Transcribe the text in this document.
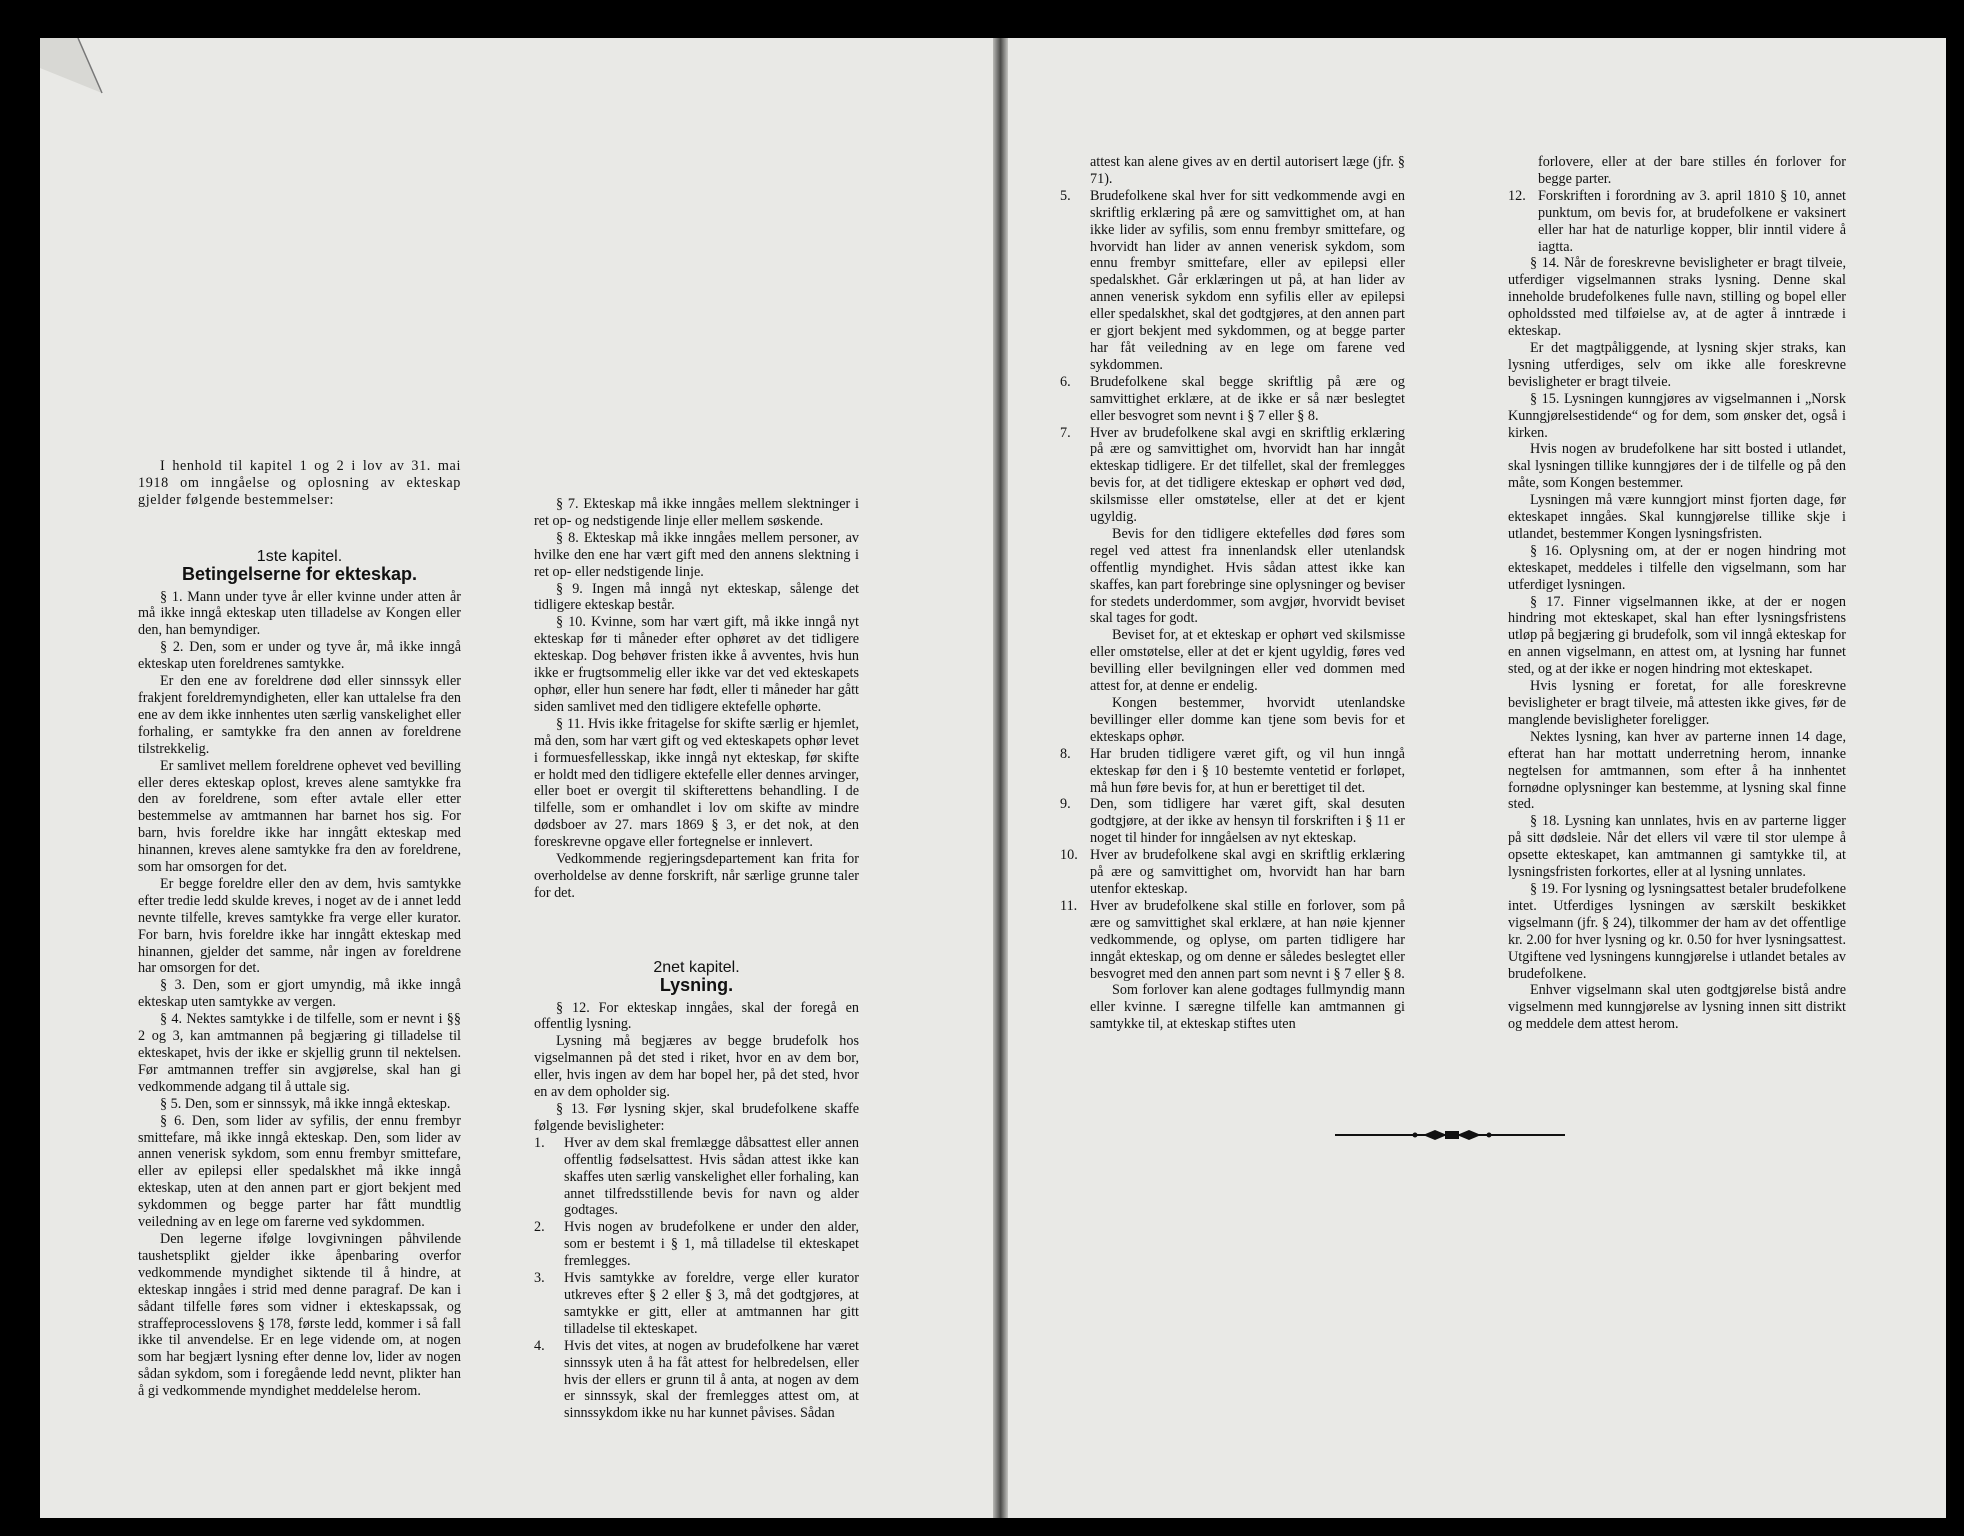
I henhold til kapitel 1 og 2 i lov av 31. mai 1918 om inngåelse og oplosning av ekteskap gjelder følgende bestemmelser:

1ste kapitel.
Betingelserne for ekteskap.

§ 1. Mann under tyve år eller kvinne under atten år må ikke inngå ekteskap uten tilladelse av Kongen eller den, han bemyndiger.

§ 2. Den, som er under og tyve år, må ikke inngå ekteskap uten foreldrenes samtykke.

Er den ene av foreldrene død eller sinnssyk eller frakjent foreldremyndigheten, eller kan uttalelse fra den ene av dem ikke innhentes uten særlig vanskelighet eller forhaling, er samtykke fra den annen av foreldrene tilstrekkelig.

Er samlivet mellem foreldrene ophevet ved bevilling eller deres ekteskap oplost, kreves alene samtykke fra den av foreldrene, som efter avtale eller etter bestemmelse av amtmannen har barnet hos sig. For barn, hvis foreldre ikke har inngått ekteskap med hinannen, kreves alene samtykke fra den av foreldrene, som har omsorgen for det.

Er begge foreldre eller den av dem, hvis samtykke efter tredie ledd skulde kreves, i noget av de i annet ledd nevnte tilfelle, kreves samtykke fra verge eller kurator. For barn, hvis foreldre ikke har inngått ekteskap med hinannen, gjelder det samme, når ingen av foreldrene har omsorgen for det.

§ 3. Den, som er gjort umyndig, må ikke inngå ekteskap uten samtykke av vergen.

§ 4. Nektes samtykke i de tilfelle, som er nevnt i §§ 2 og 3, kan amtmannen på begjæring gi tilladelse til ekteskapet, hvis der ikke er skjellig grunn til nektelsen. Før amtmannen treffer sin avgjørelse, skal han gi vedkommende adgang til å uttale sig.

§ 5. Den, som er sinnssyk, må ikke inngå ekteskap.

§ 6. Den, som lider av syfilis, der ennu frembyr smittefare, må ikke inngå ekteskap. Den, som lider av annen venerisk sykdom, som ennu frembyr smittefare, eller av epilepsi eller spedalskhet må ikke inngå ekteskap, uten at den annen part er gjort bekjent med sykdommen og begge parter har fått mundtlig veiledning av en lege om farerne ved sykdommen.

Den legerne ifølge lovgivningen påhvilende taushetsplikt gjelder ikke åpenbaring overfor vedkommende myndighet siktende til å hindre, at ekteskap inngåes i strid med denne paragraf. De kan i sådant tilfelle føres som vidner i ekteskapssak, og straffeprocesslovens § 178, første ledd, kommer i så fall ikke til anvendelse. Er en lege vidende om, at nogen som har begjært lysning efter denne lov, lider av nogen sådan sykdom, som i foregående ledd nevnt, plikter han å gi vedkommende myndighet meddelelse herom.

§ 7. Ekteskap må ikke inngåes mellem slektninger i ret op- og nedstigende linje eller mellem søskende.

§ 8. Ekteskap må ikke inngåes mellem personer, av hvilke den ene har vært gift med den annens slektning i ret op- eller nedstigende linje.

§ 9. Ingen må inngå nyt ekteskap, sålenge det tidligere ekteskap består.

§ 10. Kvinne, som har vært gift, må ikke inngå nyt ekteskap før ti måneder efter ophøret av det tidligere ekteskap. Dog behøver fristen ikke å avventes, hvis hun ikke er frugtsommelig eller ikke var det ved ekteskapets ophør, eller hun senere har født, eller ti måneder har gått siden samlivet med den tidligere ektefelle ophørte.

§ 11. Hvis ikke fritagelse for skifte særlig er hjemlet, må den, som har vært gift og ved ekteskapets ophør levet i formuesfellesskap, ikke inngå nyt ekteskap, før skifte er holdt med den tidligere ektefelle eller dennes arvinger, eller boet er overgit til skifterettens behandling. I de tilfelle, som er omhandlet i lov om skifte av mindre dødsboer av 27. mars 1869 § 3, er det nok, at den foreskrevne opgave eller fortegnelse er innlevert.

Vedkommende regjeringsdepartement kan frita for overholdelse av denne forskrift, når særlige grunne taler for det.

2net kapitel.
Lysning.

§ 12. For ekteskap inngåes, skal der foregå en offentlig lysning.

Lysning må begjæres av begge brudefolk hos vigselmannen på det sted i riket, hvor en av dem bor, eller, hvis ingen av dem har bopel her, på det sted, hvor en av dem opholder sig.

§ 13. Før lysning skjer, skal brudefolkene skaffe følgende bevisligheter:

1. Hver av dem skal fremlægge dåbsattest eller annen offentlig fødselsattest. Hvis sådan attest ikke kan skaffes uten særlig vanskelighet eller forhaling, kan annet tilfredsstillende bevis for navn og alder godtages.

2. Hvis nogen av brudefolkene er under den alder, som er bestemt i § 1, må tilladelse til ekteskapet fremlegges.

3. Hvis samtykke av foreldre, verge eller kurator utkreves efter § 2 eller § 3, må det godtgjøres, at samtykke er gitt, eller at amtmannen har gitt tilladelse til ekteskapet.

4. Hvis det vites, at nogen av brudefolkene har været sinnssyk uten å ha fåt attest for helbredelsen, eller hvis der ellers er grunn til å anta, at nogen av dem er sinnssyk, skal der fremlegges attest om, at sinnssykdom ikke nu har kunnet påvises. Sådan

attest kan alene gives av en dertil autorisert læge (jfr. § 71).

5. Brudefolkene skal hver for sitt vedkommende avgi en skriftlig erklæring på ære og samvittighet om, at han ikke lider av syfilis, som ennu frembyr smittefare, og hvorvidt han lider av annen venerisk sykdom, som ennu frembyr smittefare, eller av epilepsi eller spedalskhet. Går erklæringen ut på, at han lider av annen venerisk sykdom enn syfilis eller av epilepsi eller spedalskhet, skal det godtgjøres, at den annen part er gjort bekjent med sykdommen, og at begge parter har fåt veiledning av en lege om farene ved sykdommen.

6. Brudefolkene skal begge skriftlig på ære og samvittighet erklære, at de ikke er så nær beslegtet eller besvogret som nevnt i § 7 eller § 8.

7. Hver av brudefolkene skal avgi en skriftlig erklæring på ære og samvittighet om, hvorvidt han har inngåt ekteskap tidligere. Er det tilfellet, skal der fremlegges bevis for, at det tidligere ekteskap er ophørt ved død, skilsmisse eller omstøtelse, eller at det er kjent ugyldig.

Bevis for den tidligere ektefelles død føres som regel ved attest fra innenlandsk eller utenlandsk offentlig myndighet. Hvis sådan attest ikke kan skaffes, kan part forebringe sine oplysninger og beviser for stedets underdommer, som avgjør, hvorvidt beviset skal tages for godt.

Beviset for, at et ekteskap er ophørt ved skilsmisse eller omstøtelse, eller at det er kjent ugyldig, føres ved bevilling eller bevilgningen eller ved dommen med attest for, at denne er endelig.

Kongen bestemmer, hvorvidt utenlandske bevillinger eller domme kan tjene som bevis for et ekteskaps ophør.

8. Har bruden tidligere været gift, og vil hun inngå ekteskap før den i § 10 bestemte ventetid er forløpet, må hun føre bevis for, at hun er berettiget til det.

9. Den, som tidligere har været gift, skal desuten godtgjøre, at der ikke av hensyn til forskriften i § 11 er noget til hinder for inngåelsen av nyt ekteskap.

10. Hver av brudefolkene skal avgi en skriftlig erklæring på ære og samvittighet om, hvorvidt han har barn utenfor ekteskap.

11. Hver av brudefolkene skal stille en forlover, som på ære og samvittighet skal erklære, at han nøie kjenner vedkommende, og oplyse, om parten tidligere har inngåt ekteskap, og om denne er således beslegtet eller besvogret med den annen part som nevnt i § 7 eller § 8.

Som forlover kan alene godtages fullmyndig mann eller kvinne. I særegne tilfelle kan amtmannen gi samtykke til, at ekteskap stiftes uten

forlovere, eller at der bare stilles én forlover for begge parter.

12. Forskriften i forordning av 3. april 1810 § 10, annet punktum, om bevis for, at brudefolkene er vaksinert eller har hat de naturlige kopper, blir inntil videre å iagtta.

§ 14. Når de foreskrevne bevisligheter er bragt tilveie, utferdiger vigselmannen straks lysning. Denne skal inneholde brudefolkenes fulle navn, stilling og bopel eller opholdssted med tilføielse av, at de agter å inntræde i ekteskap.

Er det magtpåliggende, at lysning skjer straks, kan lysning utferdiges, selv om ikke alle foreskrevne bevisligheter er bragt tilveie.

§ 15. Lysningen kunngjøres av vigselmannen i „Norsk Kunngjørelsestidende“ og for dem, som ønsker det, også i kirken.

Hvis nogen av brudefolkene har sitt bosted i utlandet, skal lysningen tillike kunngjøres der i de tilfelle og på den måte, som Kongen bestemmer.

Lysningen må være kunngjort minst fjorten dage, før ekteskapet inngåes. Skal kunngjørelse tillike skje i utlandet, bestemmer Kongen lysningsfristen.

§ 16. Oplysning om, at der er nogen hindring mot ekteskapet, meddeles i tilfelle den vigselmann, som har utferdiget lysningen.

§ 17. Finner vigselmannen ikke, at der er nogen hindring mot ekteskapet, skal han efter lysningsfristens utløp på begjæring gi brudefolk, som vil inngå ekteskap for en annen vigselmann, en attest om, at lysning har funnet sted, og at der ikke er nogen hindring mot ekteskapet.

Hvis lysning er foretat, for alle foreskrevne bevisligheter er bragt tilveie, må attesten ikke gives, før de manglende bevisligheter foreligger.

Nektes lysning, kan hver av parterne innen 14 dage, efterat han har mottatt underretning herom, innanke negtelsen for amtmannen, som efter å ha innhentet fornødne oplysninger kan bestemme, at lysning skal finne sted.

§ 18. Lysning kan unnlates, hvis en av parterne ligger på sitt dødsleie. Når det ellers vil være til stor ulempe å opsette ekteskapet, kan amtmannen gi samtykke til, at lysningsfristen forkortes, eller at al lysning unnlates.

§ 19. For lysning og lysningsattest betaler brudefolkene intet. Utferdiges lysningen av særskilt beskikket vigselmann (jfr. § 24), tilkommer der ham av det offentlige kr. 2.00 for hver lysning og kr. 0.50 for hver lysningsattest. Utgiftene ved lysningens kunngjørelse i utlandet betales av brudefolkene.

Enhver vigselmann skal uten godtgjørelse bistå andre vigselmenn med kunngjørelse av lysning innen sitt distrikt og meddele dem attest herom.
